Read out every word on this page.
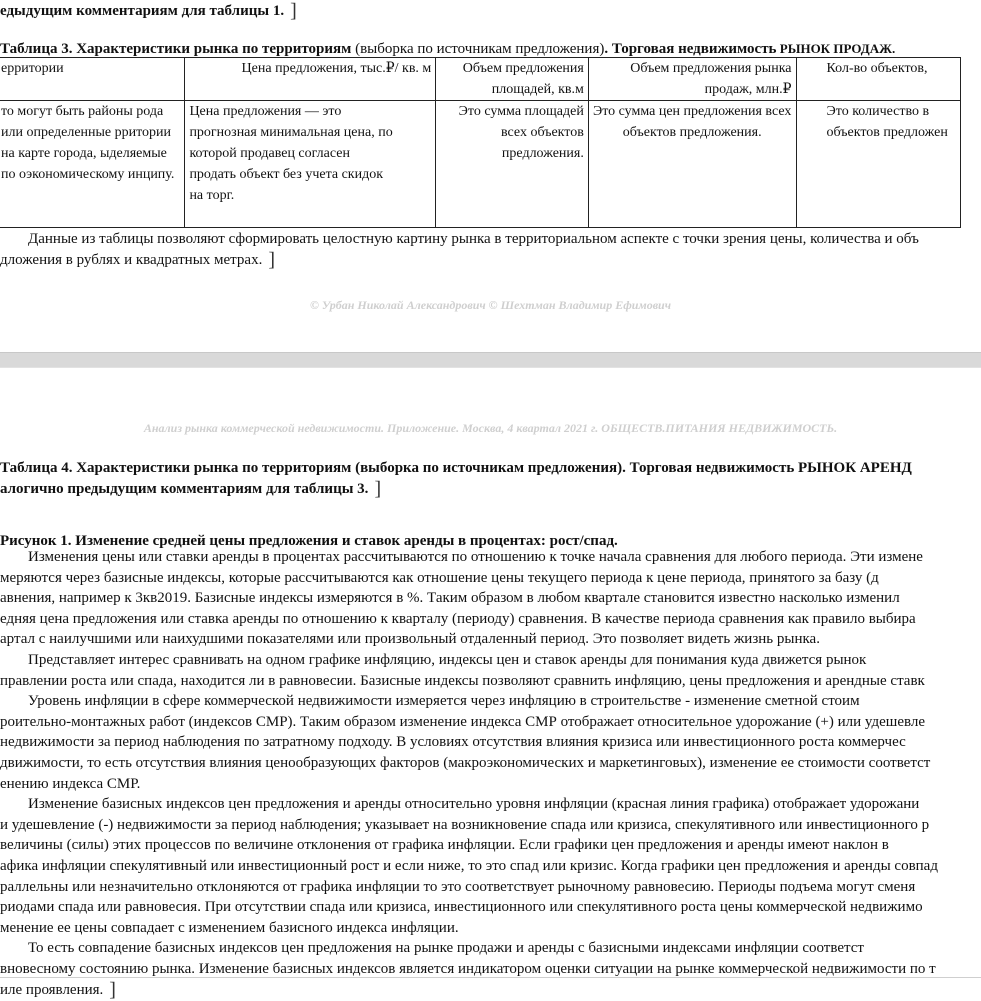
едыдущим комментариям для таблицы 1. ]
Таблица 3. Характеристики рынка по территориям (выборка по источникам предложения). Торговая недвижимость РЫНОК ПРОДАЖ.
ерритории	Цена предложения, тыс.₽/ кв. м	Объем предложения площадей, кв.м	Объем предложения рынка продаж, млн.₽	Кол-во объектов,
то могут быть районы рода или определенные рритории на карте города, ыделяемые по оэкономическому инципу.	Цена предложения — это прогнозная минимальная цена, по которой продавец согласен продать объект без учета скидок на торг.	Это сумма площадей всех объектов предложения.	Это сумма цен предложения всех объектов предложения.	Это количество в объектов предложен
Данные из таблицы позволяют сформировать целостную картину рынка в территориальном аспекте с точки зрения цены, количества и объ
дложения в рублях и квадратных метрах. ]
© Урбан Николай Александрович © Шехтман Владимир Ефимович
Анализ рынка коммерческой недвижимости. Приложение. Москва, 4 квартал 2021 г. ОБЩЕСТВ.ПИТАНИЯ НЕДВИЖИМОСТЬ.
Таблица 4. Характеристики рынка по территориям (выборка по источникам предложения). Торговая недвижимость РЫНОК АРЕНД
алогично предыдущим комментариям для таблицы 3. ]
Рисунок 1. Изменение средней цены предложения и ставок аренды в процентах: рост/спад.
Изменения цены или ставки аренды в процентах рассчитываются по отношению к точке начала сравнения для любого периода. Эти измене
меряются через базисные индексы, которые рассчитываются как отношение цены текущего периода к цене периода, принятого за базу (д
авнения, например к 3кв2019. Базисные индексы измеряются в %. Таким образом в любом квартале становится известно насколько изменил
едняя цена предложения или ставка аренды по отношению к кварталу (периоду) сравнения. В качестве периода сравнения как правило выбира
артал с наилучшими или наихудшими показателями или произвольный отдаленный период. Это позволяет видеть жизнь рынка.
Представляет интерес сравнивать на одном графике инфляцию, индексы цен и ставок аренды для понимания куда движется рынок
правлении роста или спада, находится ли в равновесии. Базисные индексы позволяют сравнить инфляцию, цены предложения и арендные ставк
Уровень инфляции в сфере коммерческой недвижимости измеряется через инфляцию в строительстве - изменение сметной стоим
роительно-монтажных работ (индексов СМР). Таким образом изменение индекса СМР отображает относительное удорожание (+) или удешевле
недвижимости за период наблюдения по затратному подходу. В условиях отсутствия влияния кризиса или инвестиционного роста коммерчес
движимости, то есть отсутствия влияния ценообразующих факторов (макроэкономических и маркетинговых), изменение ее стоимости соответст
енению индекса СМР.
Изменение базисных индексов цен предложения и аренды относительно уровня инфляции (красная линия графика) отображает удорожани
и удешевление (-) недвижимости за период наблюдения; указывает на возникновение спада или кризиса, спекулятивного или инвестиционного р
величины (силы) этих процессов по величине отклонения от графика инфляции. Если графики цен предложения и аренды имеют наклон в
афика инфляции спекулятивный или инвестиционный рост и если ниже, то это спад или кризис. Когда графики цен предложения и аренды совпад
раллельны или незначительно отклоняются от графика инфляции то это соответствует рыночному равновесию. Периоды подъема могут сменя
риодами спада или равновесия. При отсутствии спада или кризиса, инвестиционного или спекулятивного роста цены коммерческой недвижимо
менение ее цены совпадает с изменением базисного индекса инфляции.
То есть совпадение базисных индексов цен предложения на рынке продажи и аренды с базисными индексами инфляции соответст
вновесному состоянию рынка. Изменение базисных индексов является индикатором оценки ситуации на рынке коммерческой недвижимости по т
иле проявления. ]
